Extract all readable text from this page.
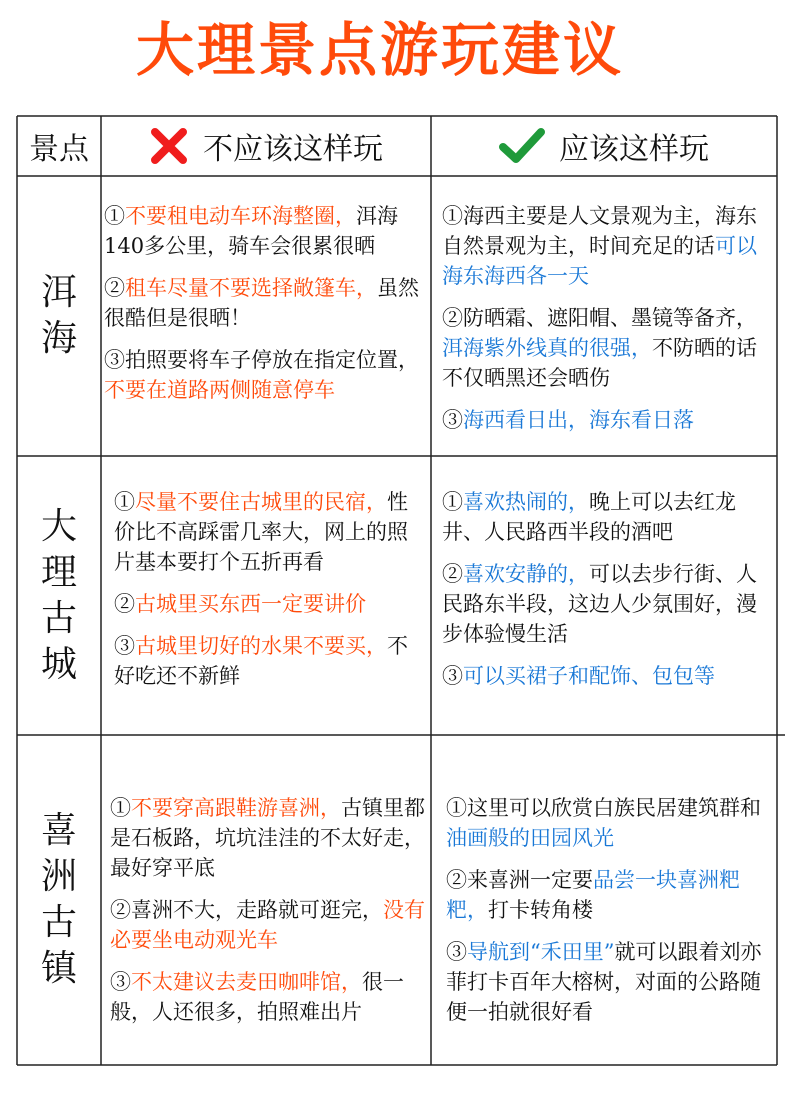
大理景点游玩建议
景点	不应该这样玩	应该这样玩
洱
海
大
理
古
城
喜
洲
古
镇
①不要租电动车环海整圈，洱海140多公里，骑车会很累很晒
②租车尽量不要选择敞篷车，虽然很酷但是很晒！
③拍照要将车子停放在指定位置，不要在道路两侧随意停车
①海西主要是人文景观为主，海东自然景观为主，时间充足的话可以海东海西各一天
②防晒霜、遮阳帽、墨镜等备齐，洱海紫外线真的很强，不防晒的话不仅晒黑还会晒伤
③海西看日出，海东看日落
①尽量不要住古城里的民宿，性价比不高踩雷几率大，网上的照片基本要打个五折再看
②古城里买东西一定要讲价
③古城里切好的水果不要买，不好吃还不新鲜
①喜欢热闹的，晚上可以去红龙井、人民路西半段的酒吧
②喜欢安静的，可以去步行街、人民路东半段，这边人少氛围好，漫步体验慢生活
③可以买裙子和配饰、包包等
①不要穿高跟鞋游喜洲，古镇里都是石板路，坑坑洼洼的不太好走，最好穿平底
②喜洲不大，走路就可逛完，没有必要坐电动观光车
③不太建议去麦田咖啡馆，很一般，人还很多，拍照难出片
①这里可以欣赏白族民居建筑群和油画般的田园风光
②来喜洲一定要品尝一块喜洲粑粑，打卡转角楼
③导航到“禾田里”就可以跟着刘亦菲打卡百年大榕树，对面的公路随便一拍就很好看
